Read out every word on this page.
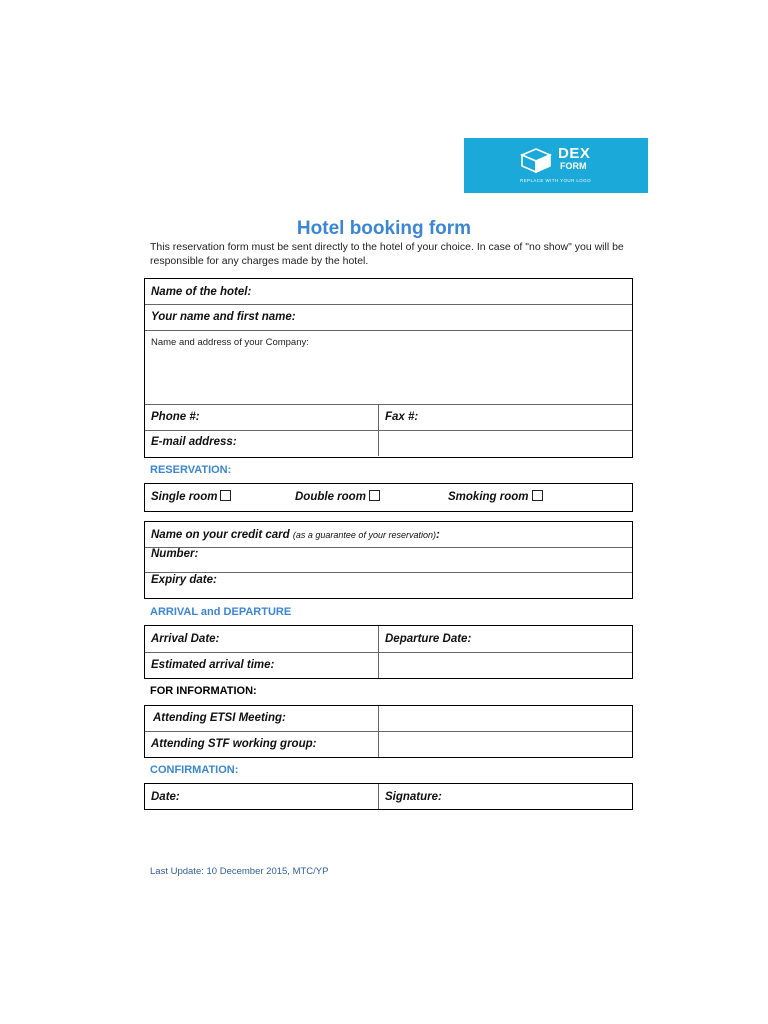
DEX
FORM
REPLACE WITH YOUR LOGO
Hotel booking form
This reservation form must be sent directly to the hotel of your choice. In case of "no show" you will be responsible for any charges made by the hotel.
Name of the hotel:
Your name and first name:
Name and address of your Company:
Phone #:	Fax #:
E-mail address:
RESERVATION:
Single room	Double room	Smoking room
Name on your credit card (as a guarantee of your reservation):
Number:
Expiry date:
ARRIVAL and DEPARTURE
Arrival Date:	Departure Date:
Estimated arrival time:
FOR INFORMATION:
Attending ETSI Meeting:
Attending STF working group:
CONFIRMATION:
Date:	Signature:
Last Update: 10 December 2015, MTC/YP
